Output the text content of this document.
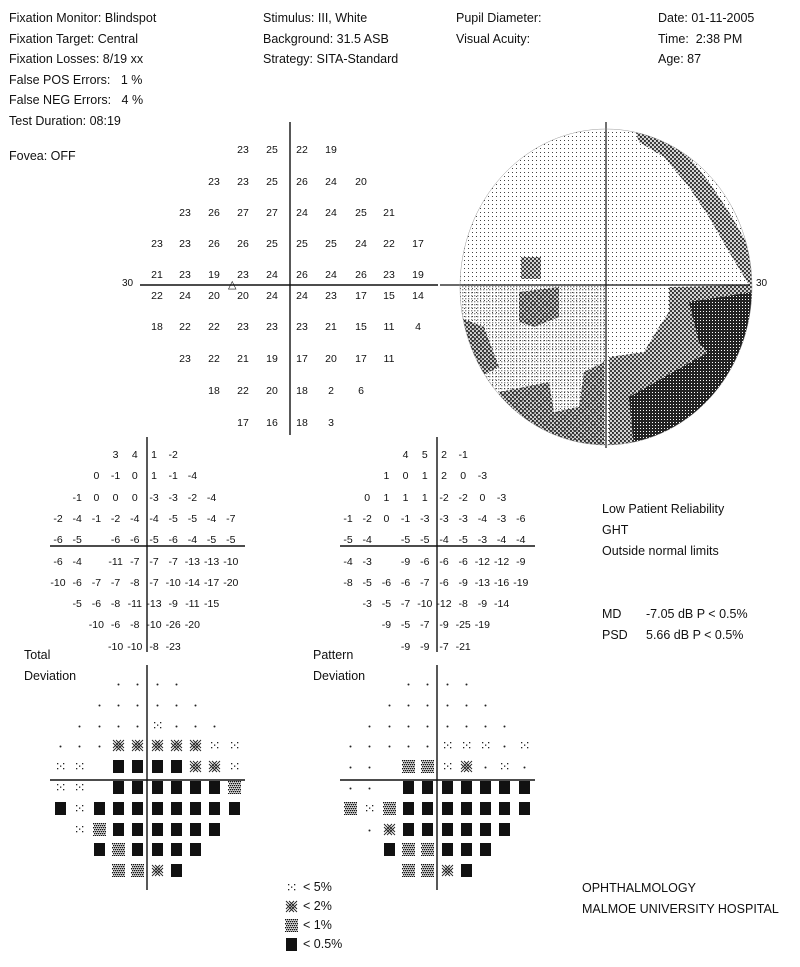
Fixation Monitor: Blindspot
Fixation Target: Central
Fixation Losses: 8/19 xx
False POS Errors:   1 %
False NEG Errors:   4 %
Test Duration: 08:19
Fovea: OFF
Stimulus: III, White
Background: 31.5 ASB
Strategy: SITA-Standard
Pupil Diameter:
Visual Acuity:
Date: 01-11-2005
Time:  2:38 PM
Age: 87
30	30
△
23	25	22	19
23	23	25	26	24	20
23	26	27	27	24	24	25	21
23	23	26	26	25	25	25	24	22	17
21	23	19	23	24	26	24	26	23	19
22	24	20	20	24	24	23	17	15	14
18	22	22	23	23	23	21	15	11	4
23	22	21	19	17	20	17	11
18	22	20	18	2	6
17	16	18	3
3	4	1	-2
0	-1	0	1	-1 -4
-1	0	0	0	-3 -3 -2 -4
-2 -4 -1 -2 -4 -4 -5 -5 -4 -7
-6 -5	-6 -6 -5 -6 -4 -5 -5
-6 -4	-11 -7 -7 -7 -13 -13 -10
-10 -6 -7 -7 -8 -7 -10 -14 -17 -20
-5 -6 -8 -11 -13 -9 -11 -15
-10 -6 -8 -10 -26 -20
-10 -10 -8 -23
4	5	2	-1
1	0	1	2	0	-3
0	1	1	1	-2 -2	0	-3
-1 -2	0	-1 -3 -3 -3 -4 -3 -6
-5 -4	-5 -5 -4 -5 -3 -4 -4
-4 -3	-9 -6 -6 -6 -12 -12 -9
-8 -5 -6 -6 -7 -6 -9 -13 -16 -19
-3 -5 -7 -10 -12 -8 -9 -14
-9 -5 -7 -9 -25 -19
-9 -9 -7 -21
Total
Deviation
Pattern
Deviation
Low Patient Reliability
GHT
Outside normal limits
MD -7.05 dB P < 0.5%
PSD 5.66 dB P < 0.5%
< 5%
< 2%
< 1%
< 0.5%
OPHTHALMOLOGY
MALMOE UNIVERSITY HOSPITAL
